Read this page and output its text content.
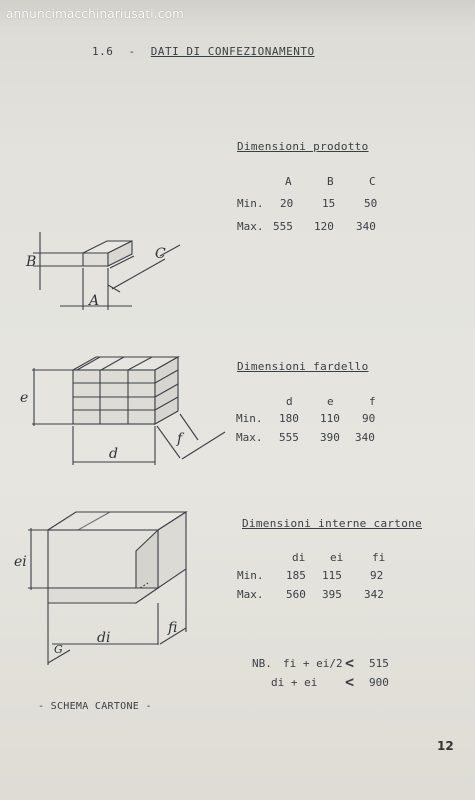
annuncimacchinariusati.com
1.6 - DATI DI CONFEZIONAMENTO
Dimensioni prodotto
A	B	C
Min. 20	15	50
Max. 555 120 340
Dimensioni fardello
d	e	f
Min. 180 110 90
Max. 555 390 340
Dimensioni interne cartone
di ei	fi
Min. 185 115	92
Max. 560 395 342
NB. fi + ei/2 < 515
di + ei < 900
B
A
C
e
d
f
ei
di
fi
G
- SCHEMA CARTONE -
12
